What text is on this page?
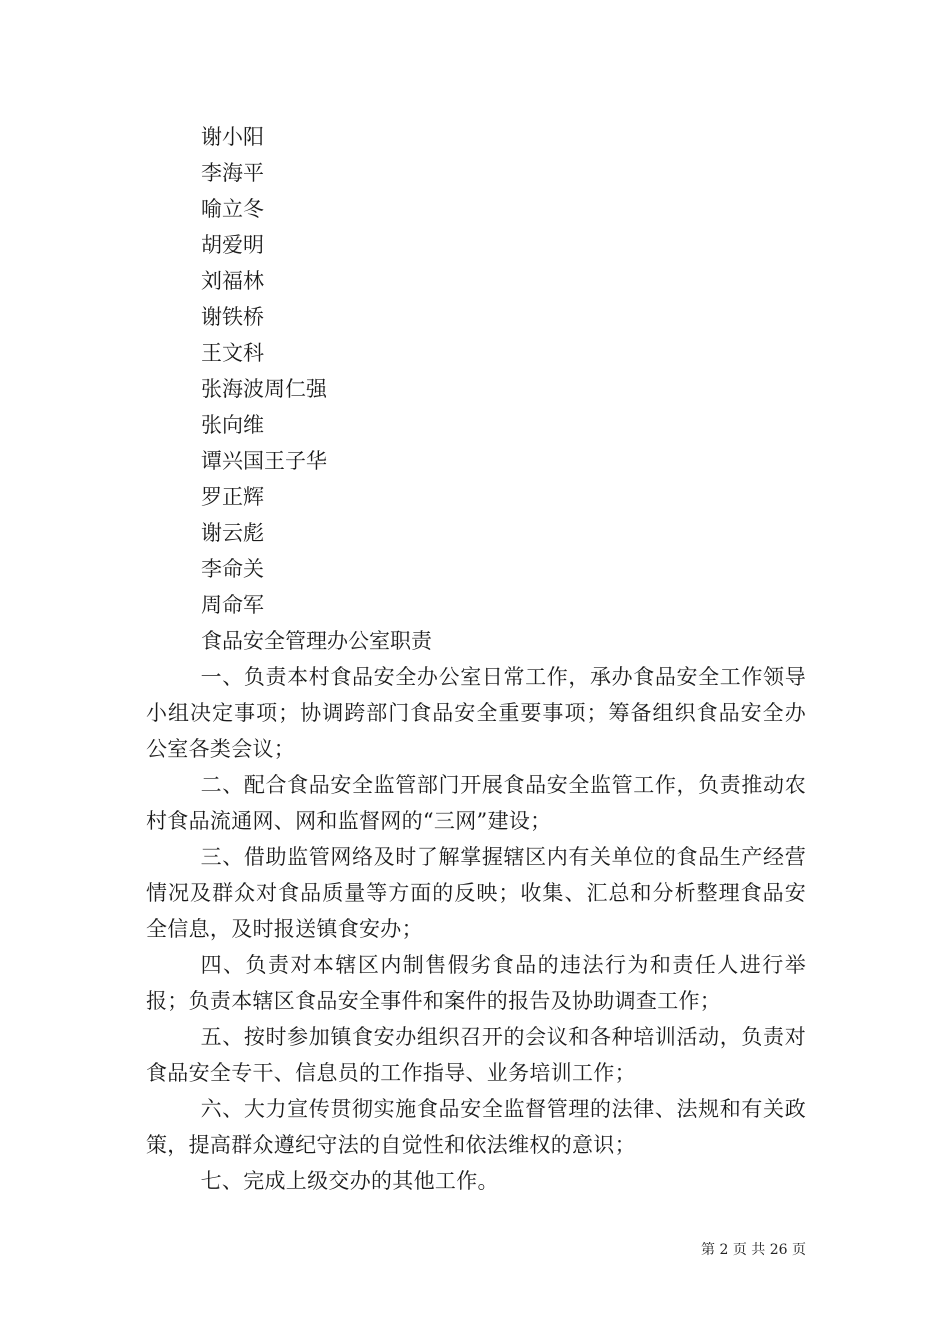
谢小阳
李海平
喻立冬
胡爱明
刘福林
谢铁桥
王文科
张海波周仁强
张向维
谭兴国王子华
罗正辉
谢云彪
李命关
周命军

食品安全管理办公室职责

一、负责本村食品安全办公室日常工作，承办食品安全工作领导小组决定事项；协调跨部门食品安全重要事项；筹备组织食品安全办公室各类会议；

二、配合食品安全监管部门开展食品安全监管工作，负责推动农村食品流通网、网和监督网的“三网”建设；

三、借助监管网络及时了解掌握辖区内有关单位的食品生产经营情况及群众对食品质量等方面的反映；收集、汇总和分析整理食品安全信息，及时报送镇食安办；

四、负责对本辖区内制售假劣食品的违法行为和责任人进行举报；负责本辖区食品安全事件和案件的报告及协助调查工作；

五、按时参加镇食安办组织召开的会议和各种培训活动，负责对食品安全专干、信息员的工作指导、业务培训工作；

六、大力宣传贯彻实施食品安全监督管理的法律、法规和有关政策，提高群众遵纪守法的自觉性和依法维权的意识；

七、完成上级交办的其他工作。

第 2 页 共 26 页
